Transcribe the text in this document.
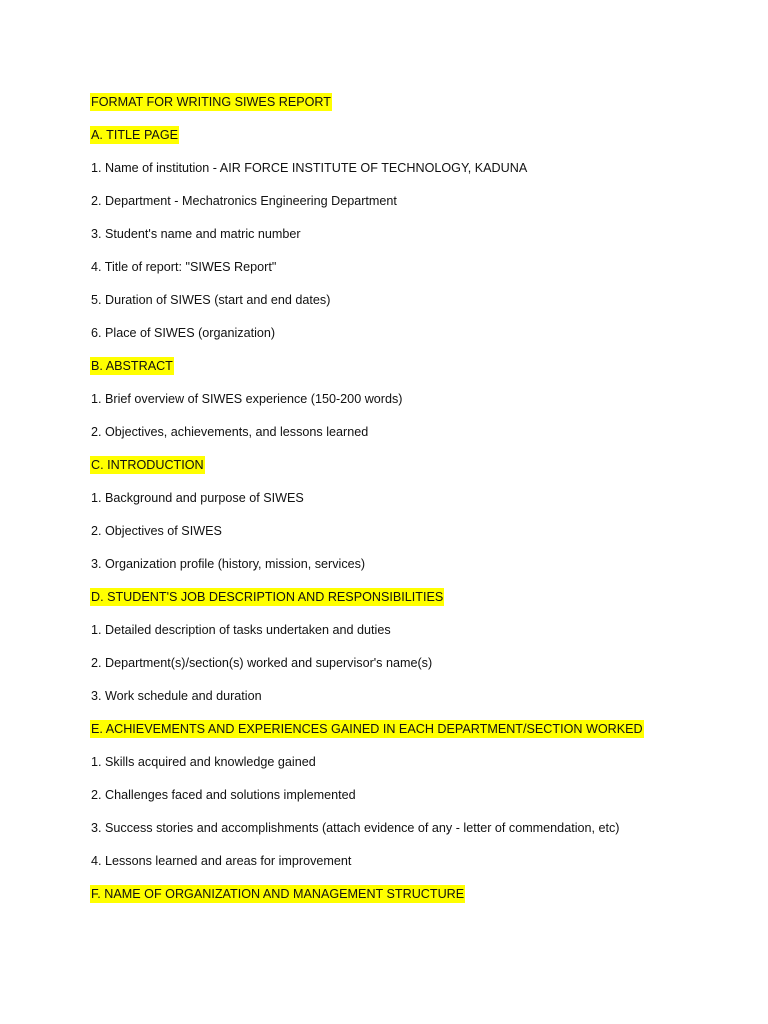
FORMAT FOR WRITING SIWES REPORT
A. TITLE PAGE
1. Name of institution - AIR FORCE INSTITUTE OF TECHNOLOGY, KADUNA
2. Department - Mechatronics Engineering Department
3. Student's name and matric number
4. Title of report: "SIWES Report"
5. Duration of SIWES (start and end dates)
6. Place of SIWES (organization)
B. ABSTRACT
1. Brief overview of SIWES experience (150-200 words)
2. Objectives, achievements, and lessons learned
C. INTRODUCTION
1. Background and purpose of SIWES
2. Objectives of SIWES
3. Organization profile (history, mission, services)
D. STUDENT'S JOB DESCRIPTION AND RESPONSIBILITIES
1. Detailed description of tasks undertaken and duties
2. Department(s)/section(s) worked and supervisor's name(s)
3. Work schedule and duration
E. ACHIEVEMENTS AND EXPERIENCES GAINED IN EACH DEPARTMENT/SECTION WORKED
1. Skills acquired and knowledge gained
2. Challenges faced and solutions implemented
3. Success stories and accomplishments (attach evidence of any - letter of commendation, etc)
4. Lessons learned and areas for improvement
F. NAME OF ORGANIZATION AND MANAGEMENT STRUCTURE
